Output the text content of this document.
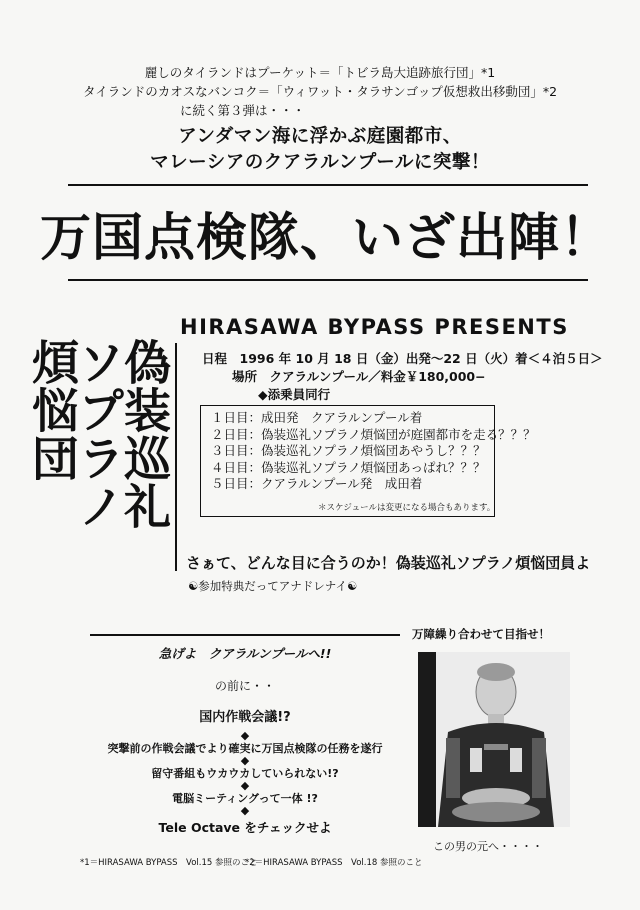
麗しのタイランドはプーケット＝「トビラ島大追跡旅行団」*1
タイランドのカオスなバンコク＝「ウィワット・タラサンゴップ仮想救出移動団」*2
に続く第３弾は・・・
アンダマン海に浮かぶ庭園都市、
マレーシアのクアラルンプールに突撃！
万国点検隊、いざ出陣！
HIRASAWA BYPASS PRESENTS
偽装巡礼
ソプラノ
煩悩団	日程　1996 年 10 月 18 日（金）出発〜22 日（火）着＜４泊５日＞
場所　クアラルンプール／料金￥180,000−
◆添乗員同行
１日目：成田発　クアラルンプール着
２日目：偽装巡礼ソプラノ煩悩団が庭園都市を走る？？？
３日目：偽装巡礼ソプラノ煩悩団あやうし？？？
４日目：偽装巡礼ソプラノ煩悩団あっぱれ？？？
５日目：クアラルンプール発　成田着
＊スケジュールは変更になる場合もあります。
さぁて、どんな目に合うのか！偽装巡礼ソプラノ煩悩団員よ
☯参加特典だってアナドレナイ☯
万障繰り合わせて目指せ！
急げよ　クアラルンプールへ!!
の前に・・
国内作戦会議!?
◆
突撃前の作戦会議でより確実に万国点検隊の任務を遂行
◆
留守番組もウカウカしていられない!?
◆
電脳ミーティングって一体 !?
◆
Tele Octave をチェックせよ
この男の元へ・・・・
*1＝HIRASAWA BYPASS　Vol.15 参照のこと
*2＝HIRASAWA BYPASS　Vol.18 参照のこと
